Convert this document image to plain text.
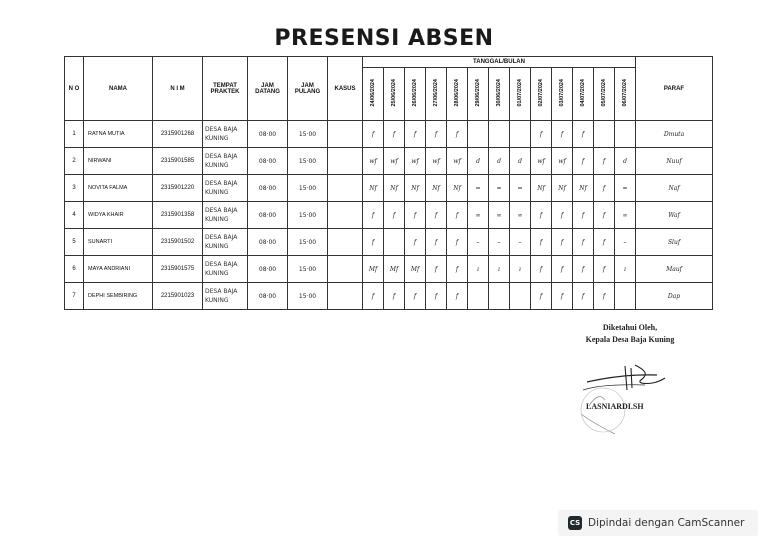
PRESENSI ABSEN
N O	NAMA	N I M	TEMPAT PRAKTEK	JAM DATANG	JAM PULANG	KASUS	TANGGAL/BULAN													PARAF
							24/06/2024	25/06/2024	26/06/2024	27/06/2024	28/06/2024	29/06/2024	30/06/2024	01/07/2024	02/07/2024	03/07/2024	04/07/2024	05/07/2024	06/07/2024	
1	RATNA MUTIA	2315901268	DESA BAJA KUNING	08·00	15·00		f	f	f	f	f				f	f	f			Dmuta
2	NIRWANI	2315901585	DESA BAJA KUNING	08·00	15·00		wf	wf	wf	wf	wf	d	d	d	wf	wf	f	f	d	Nuuf
3	NOVITA FALMA	2315901220	DESA BAJA KUNING	08·00	15·00		Nf	Nf	Nf	Nf	Nf	=	=	=	Nf	Nf	Nf	f	=	Naf
4	WIDYA KHAIR	2315901358	DESA BAJA KUNING	08·00	15·00		f	f	f	f	f	∞	∞	∞	f	f	f	f	∞	Waf
5	SUNARTI	2315901502	DESA BAJA KUNING	08·00	15·00		f		f	f	f	–	–	–	f	f	f	f	–	Sluf
6	MAYA ANDRIANI	2315901575	DESA BAJA KUNING	08·00	15·00		Mf	Mf	Mf	f	f	ı	ı	ı	f	f	f	f	ı	Mauf
7	DEPHI SEMBIRING	2215901023	DESA BAJA KUNING	08·00	15·00		f	f	f	f	f				f	f	f	f		Dap
Diketahui Oleh,
Kepala Desa Baja Kuning
LASNIARDI.SH
CS Dipindai dengan CamScanner
